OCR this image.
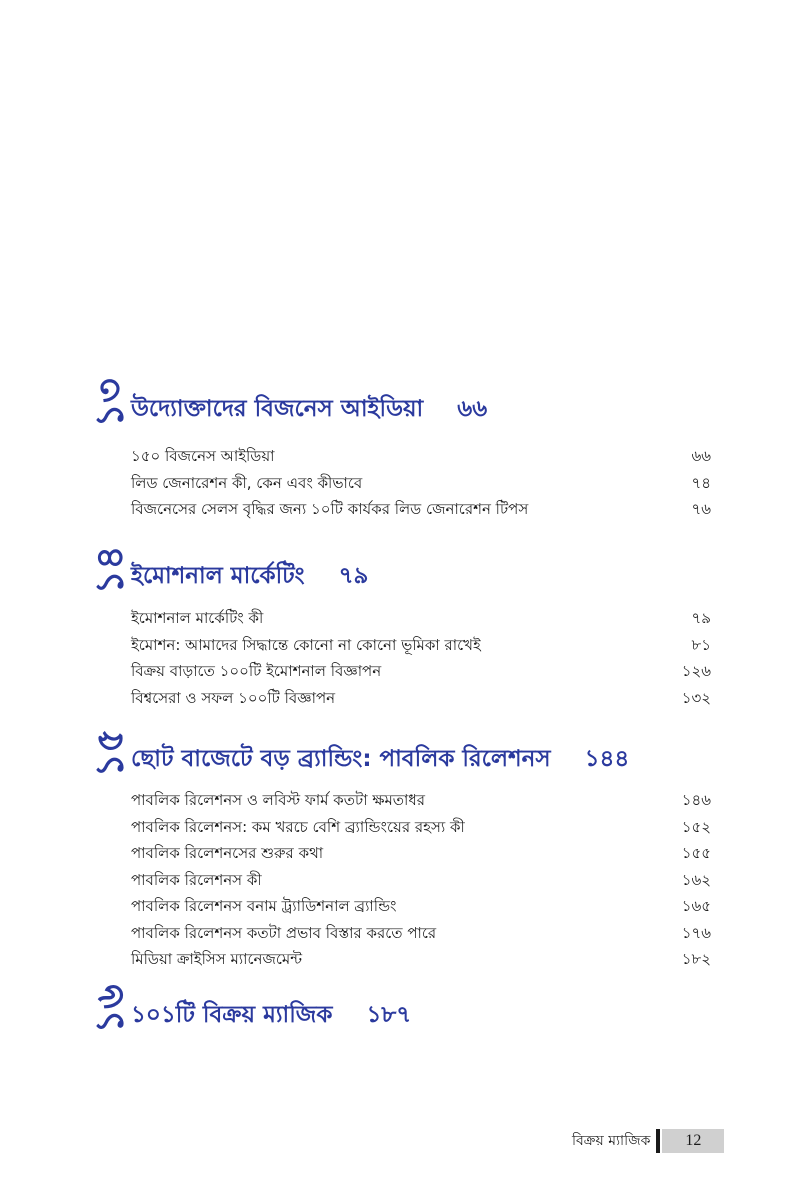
১৩ উদ্যোক্তাদের বিজনেস আইডিয়া ৬৬
১৫০ বিজনেস আইডিয়া	৬৬
লিড জেনারেশন কী, কেন এবং কীভাবে	৭৪
বিজনেসের সেলস বৃদ্ধির জন্য ১০টি কার্যকর লিড জেনারেশন টিপস	৭৬
১৪
ইমোশনাল মার্কেটিং ৭৯
ইমোশনাল মার্কেটিং কী	৭৯
ইমোশন: আমাদের সিদ্ধান্তে কোনো না কোনো ভূমিকা রাখেই	৮১
বিক্রয় বাড়াতে ১০০টি ইমোশনাল বিজ্ঞাপন	১২৬
বিশ্বসেরা ও সফল ১০০টি বিজ্ঞাপন	১৩২
১৫
ছোট বাজেটে বড় ব্র্যান্ডিং: পাবলিক রিলেশনস ১৪৪
পাবলিক রিলেশনস ও লবিস্ট ফার্ম কতটা ক্ষমতাধর	১৪৬
পাবলিক রিলেশনস: কম খরচে বেশি ব্র্যান্ডিংয়ের রহস্য কী	১৫২
পাবলিক রিলেশনসের শুরুর কথা	১৫৫
পাবলিক রিলেশনস কী	১৬২
পাবলিক রিলেশনস বনাম ট্র্যাডিশনাল ব্র্যান্ডিং	১৬৫
পাবলিক রিলেশনস কতটা প্রভাব বিস্তার করতে পারে	১৭৬
মিডিয়া ক্রাইসিস ম্যানেজমেন্ট	১৮২
১৬ ১০১টি বিক্রয় ম্যাজিক ১৮৭
বিক্রয় ম্যাজিক	12
